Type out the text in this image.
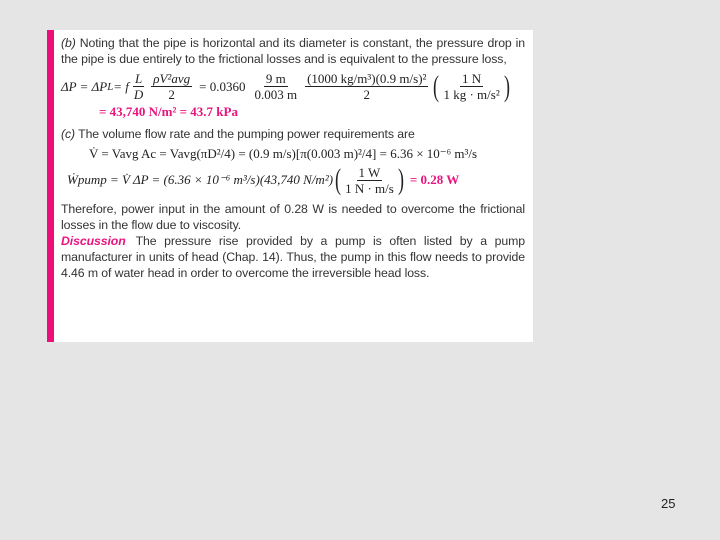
(b) Noting that the pipe is horizontal and its diameter is constant, the pressure drop in the pipe is due entirely to the frictional losses and is equivalent to the pressure loss,
ΔP = ΔP L = f $\frac{L}{D} \frac{\text{ρV²avg}}{2} = 0.0360 \frac{9 m}{0.003 m} \frac{\text{(1000 kg/m³)(0.9 m/s)²}}{2}$ ( $\frac{1 N}{\text{1 kg · m/s²}}$ )
= 43,740 N/m² = 43.7 kPa
(c) The volume flow rate and the pumping power requirements are
V̇ = Vavg Ac = Vavg(πD²/4) = (0.9 m/s)[π(0.003 m)²/4] = 6.36 × 10⁻⁶ m³/s
Ẇpump = V̇ ΔP = (6.36 × 10⁻⁶ m³/s)(43,740 N/m²) ( $\frac{1 W}{1 N \cdot m/s}$ ) = 0.28 W
Therefore, power input in the amount of 0.28 W is needed to overcome the frictional losses in the flow due to viscosity.
Discussion The pressure rise provided by a pump is often listed by a pump manufacturer in units of head (Chap. 14). Thus, the pump in this flow needs to provide 4.46 m of water head in order to overcome the irreversible head loss.
25
